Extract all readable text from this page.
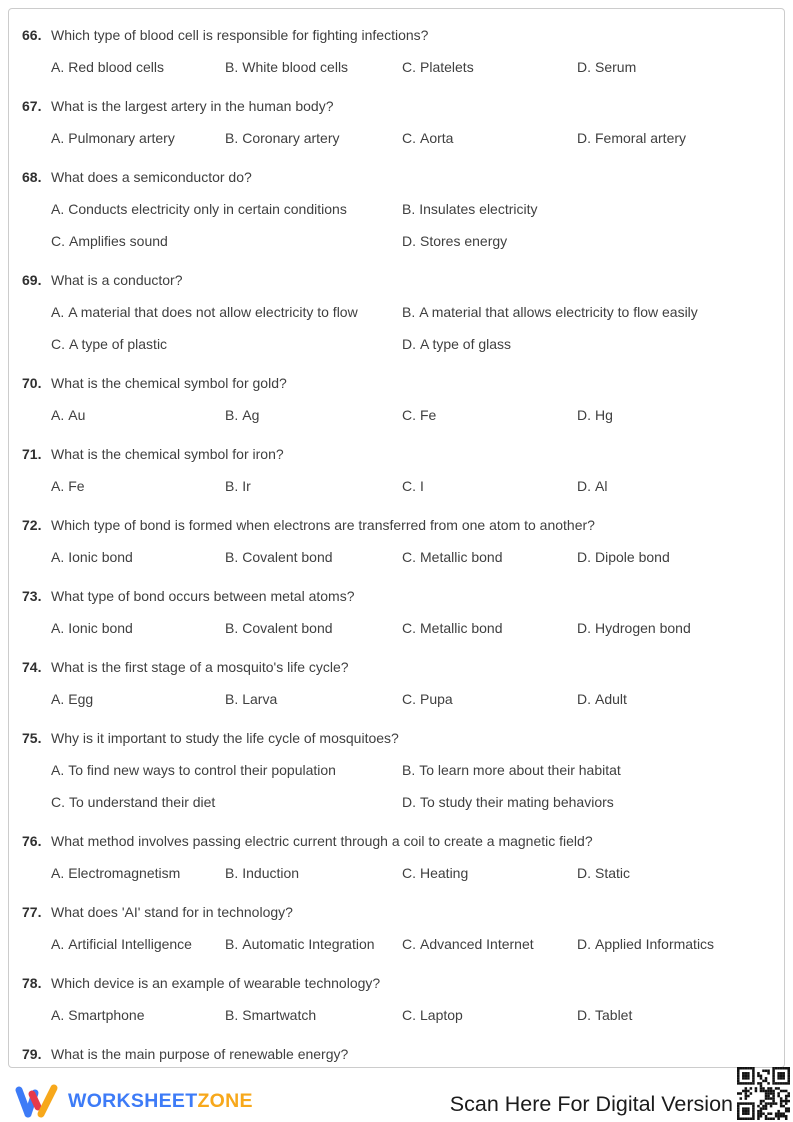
66. Which type of blood cell is responsible for fighting infections?
A. Red blood cells	B. White blood cells	C. Platelets	D. Serum
67. What is the largest artery in the human body?
A. Pulmonary artery	B. Coronary artery	C. Aorta	D. Femoral artery
68. What does a semiconductor do?
A. Conducts electricity only in certain conditions	B. Insulates electricity
C. Amplifies sound	D. Stores energy
69. What is a conductor?
A. A material that does not allow electricity to flow	B. A material that allows electricity to flow easily
C. A type of plastic	D. A type of glass
70. What is the chemical symbol for gold?
A. Au	B. Ag	C. Fe	D. Hg
71. What is the chemical symbol for iron?
A. Fe	B. Ir	C. I	D. Al
72. Which type of bond is formed when electrons are transferred from one atom to another?
A. Ionic bond	B. Covalent bond	C. Metallic bond	D. Dipole bond
73. What type of bond occurs between metal atoms?
A. Ionic bond	B. Covalent bond	C. Metallic bond	D. Hydrogen bond
74. What is the first stage of a mosquito's life cycle?
A. Egg	B. Larva	C. Pupa	D. Adult
75. Why is it important to study the life cycle of mosquitoes?
A. To find new ways to control their population	B. To learn more about their habitat
C. To understand their diet	D. To study their mating behaviors
76. What method involves passing electric current through a coil to create a magnetic field?
A. Electromagnetism	B. Induction	C. Heating	D. Static
77. What does 'AI' stand for in technology?
A. Artificial Intelligence B. Automatic Integration C. Advanced Internet	D. Applied Informatics
78. Which device is an example of wearable technology?
A. Smartphone	B. Smartwatch	C. Laptop	D. Tablet
79. What is the main purpose of renewable energy?
WORKSHEETZONE	Scan Here For Digital Version
